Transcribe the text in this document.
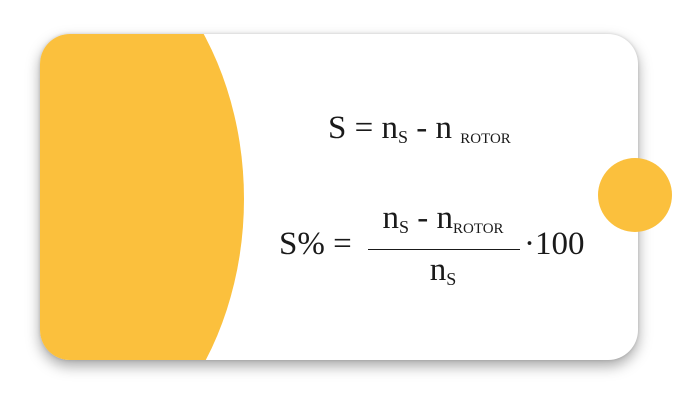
$S = n_S - n$ ROTOR
S% =
$n_S$ - nROTOR
$n_S$
·100
